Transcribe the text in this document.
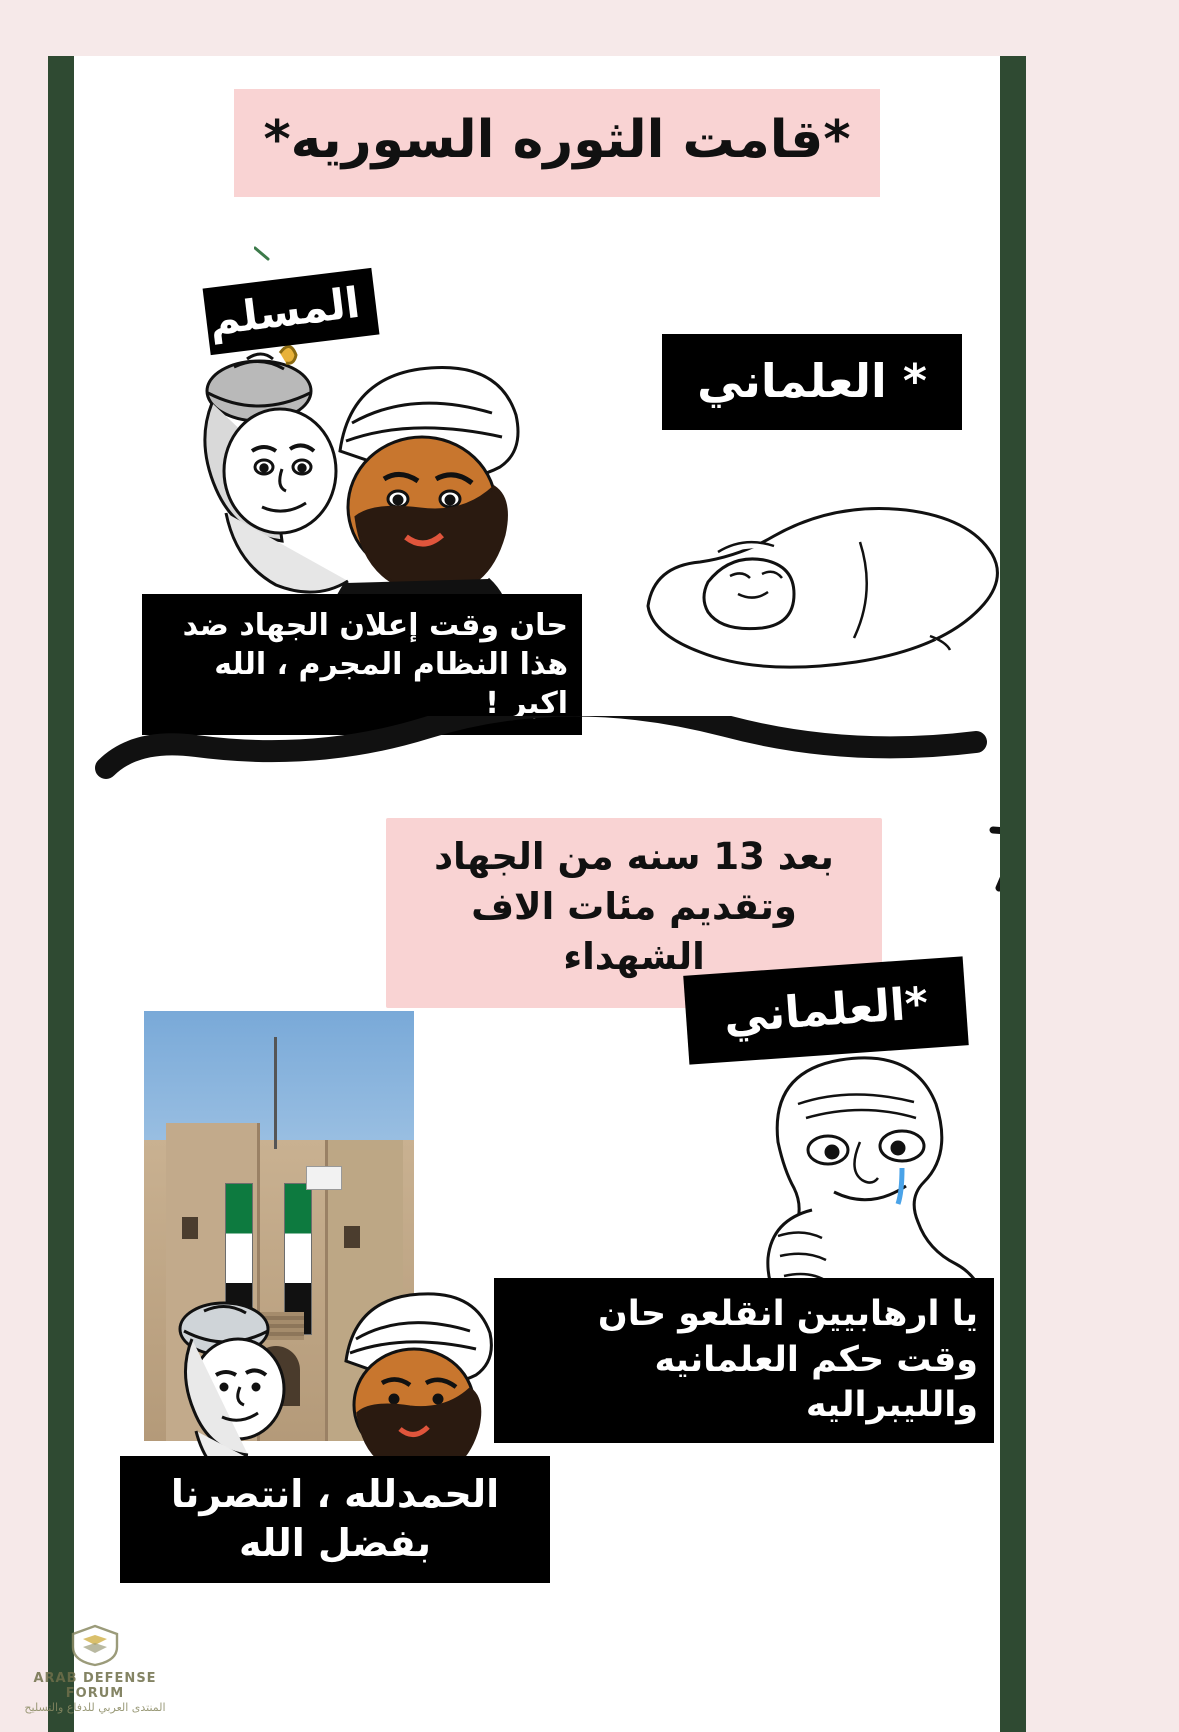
*قامت الثوره السوريه*
المسلم
* العلماني
حان وقت إعلان الجهاد ضد هذا النظام المجرم ، الله اكبر !
بعد 13 سنه من الجهاد وتقديم مئات الاف الشهداء
*العلماني
يا ارهابيين انقلعو حان وقت حكم العلمانيه والليبراليه
الحمدلله ، انتصرنا بفضل الله
ARAB DEFENSE FORUM
المنتدى العربي للدفاع والتسليح
